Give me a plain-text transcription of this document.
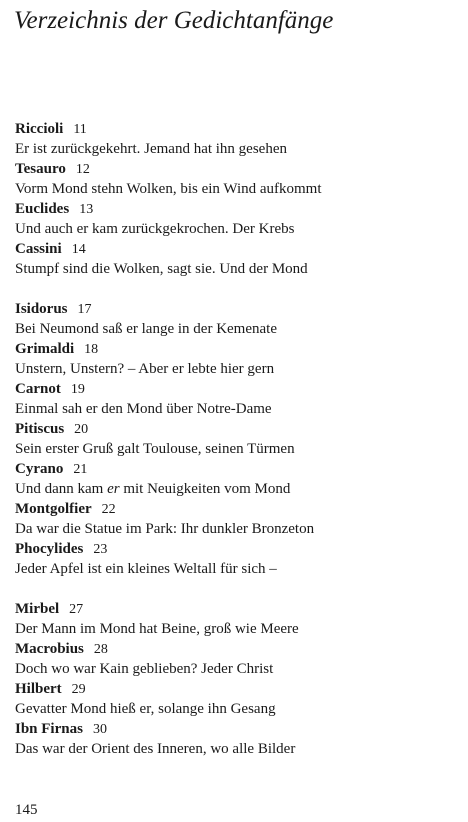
Verzeichnis der Gedichtanfänge
Riccioli 11
Er ist zurückgekehrt. Jemand hat ihn gesehen
Tesauro 12
Vorm Mond stehn Wolken, bis ein Wind aufkommt
Euclides 13
Und auch er kam zurückgekrochen. Der Krebs
Cassini 14
Stumpf sind die Wolken, sagt sie. Und der Mond
Isidorus 17
Bei Neumond saß er lange in der Kemenate
Grimaldi 18
Unstern, Unstern? – Aber er lebte hier gern
Carnot 19
Einmal sah er den Mond über Notre-Dame
Pitiscus 20
Sein erster Gruß galt Toulouse, seinen Türmen
Cyrano 21
Und dann kam er mit Neuigkeiten vom Mond
Montgolfier 22
Da war die Statue im Park: Ihr dunkler Bronzeton
Phocylides 23
Jeder Apfel ist ein kleines Weltall für sich –
Mirbel 27
Der Mann im Mond hat Beine, groß wie Meere
Macrobius 28
Doch wo war Kain geblieben? Jeder Christ
Hilbert 29
Gevatter Mond hieß er, solange ihn Gesang
Ibn Firnas 30
Das war der Orient des Inneren, wo alle Bilder
145
